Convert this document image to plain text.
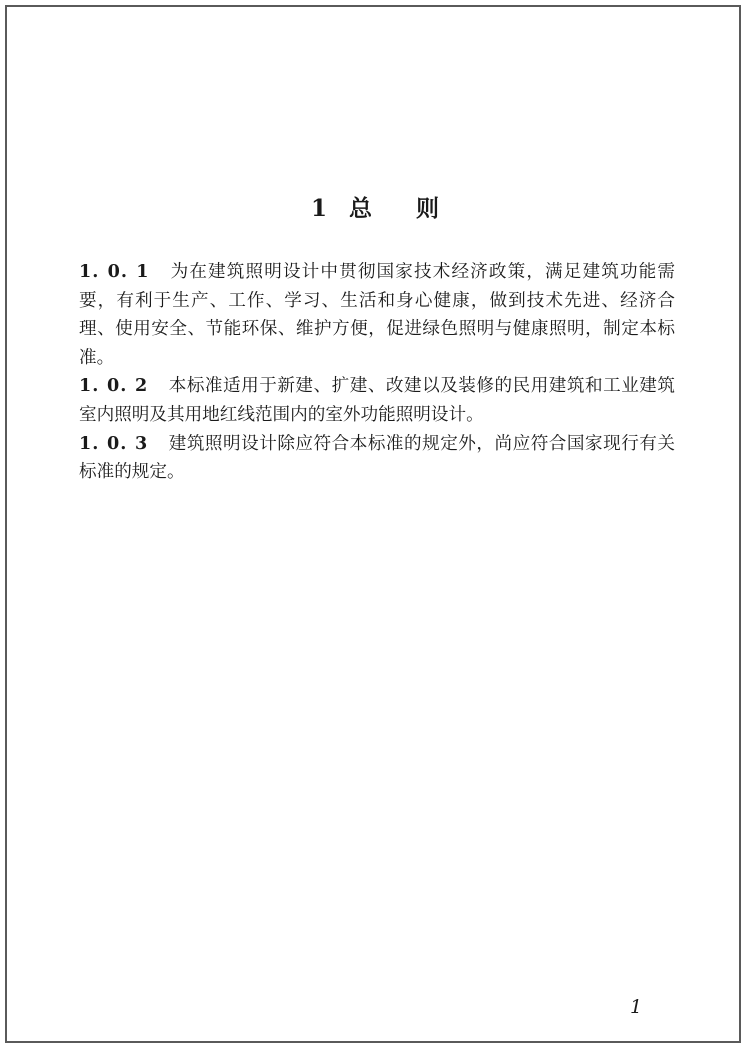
1 总 则

1. 0. 1 为在建筑照明设计中贯彻国家技术经济政策，满足建筑功能需要，有利于生产、工作、学习、生活和身心健康，做到技术先进、经济合理、使用安全、节能环保、维护方便，促进绿色照明与健康照明，制定本标准。

1. 0. 2 本标准适用于新建、扩建、改建以及装修的民用建筑和工业建筑室内照明及其用地红线范围内的室外功能照明设计。

1. 0. 3 建筑照明设计除应符合本标准的规定外，尚应符合国家现行有关标准的规定。

1
